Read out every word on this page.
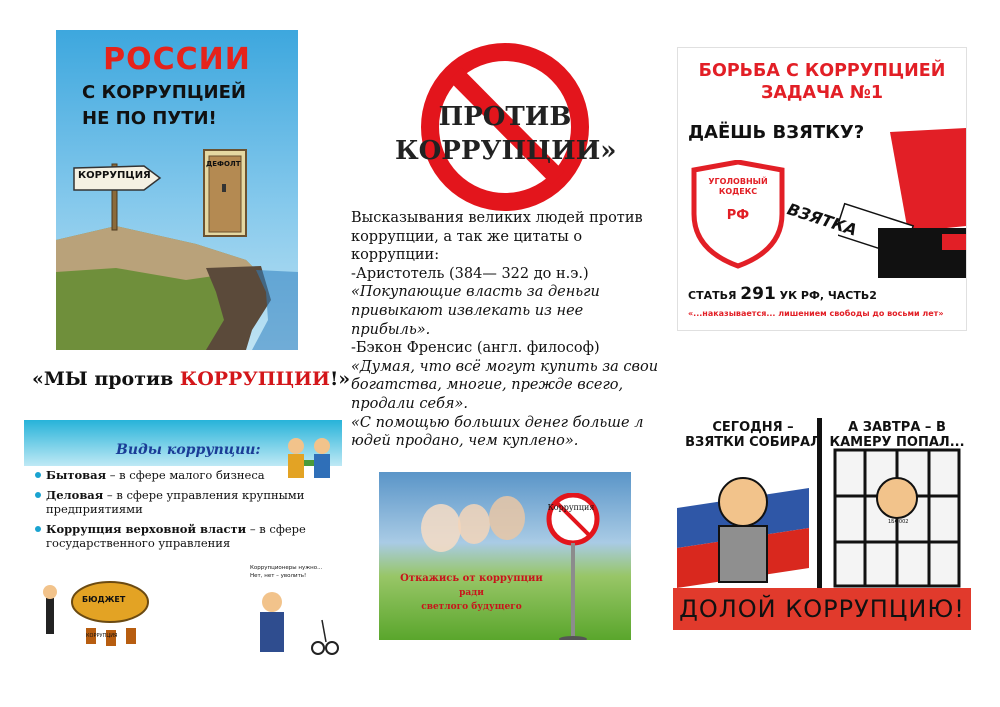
РОССИИ
С КОРРУПЦИЕЙ
НЕ ПО ПУТИ!
КОРРУПЦИЯ
ДЕФОЛТ
ПРОТИВ
КОРРУПЦИИ»

Высказывания великих людей против коррупции, а так же цитаты о коррупции:

-Аристотель (384— 322 до н.э.)

«Покупающие власть за деньги привыкают извлекать из нее прибыль».

-Бэкон Френсис (англ. философ)

«Думая, что всё могут купить за свои богатства, многие, прежде всего, продали себя».

«С помощью больших денег больше л юдей продано, чем куплено».

«МЫ против КОРРУПЦИИ!»
БОРЬБА С КОРРУПЦИЕЙ
ЗАДАЧА №1
ДАЁШЬ ВЗЯТКУ?
УГОЛОВНЫЙ
КОДЕКС
РФ	ВЗЯТКА
СТАТЬЯ 291 УК РФ, ЧАСТЬ2
«...наказывается... лишением свободы до восьми лет»
Виды коррупции:
Бытовая – в сфере малого бизнеса
Деловая – в сфере управления крупными предприятиями
Коррупция верховной власти – в сфере государственного управления
БЮДЖЕТ
КОРРУПЦИЯ
Коррупционеры нужно...
Нет, нет – уволить!
Коррупция
Откажись от коррупции
ради
светлого будущего
СЕГОДНЯ – ВЗЯТКИ СОБИРАЛ
А ЗАВТРА – В КАМЕРУ ПОПАЛ...
1БФ002
ДОЛОЙ КОРРУПЦИЮ!
